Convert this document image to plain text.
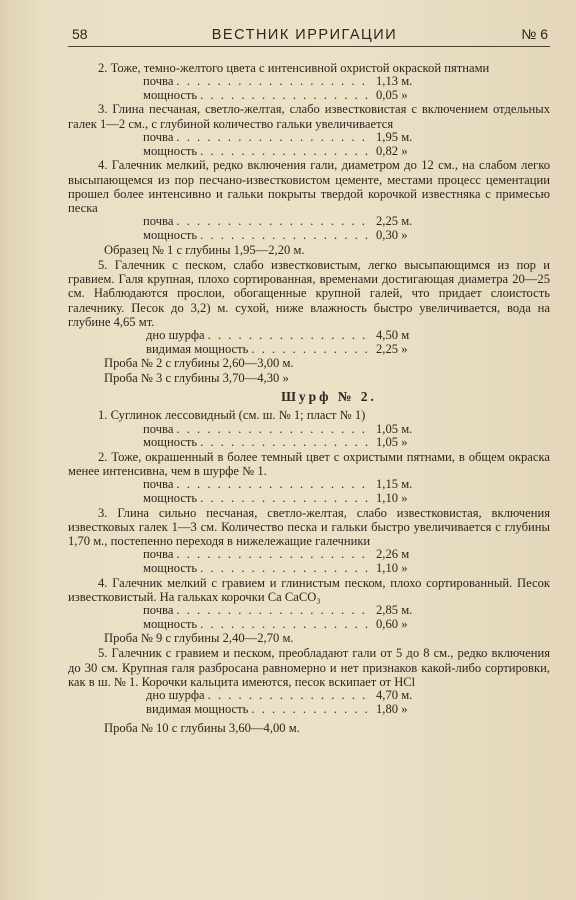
58	ВЕСТНИК ИРРИГАЦИИ	№ 6

2. Тоже, темно-желтого цвета с интенсивной охристой окраской пятнами

почва . . .	1,13 м.
мощность . . .	0,05 »

3. Глина песчаная, светло-желтая, слабо известковистая с включением отдельных галек 1—2 см., с глубиной количество гальки увеличивается

почва . . .	1,95 м.
мощность . . .	0,82 »

4. Галечник мелкий, редко включения гали, диаметром до 12 см., на слабом легко высыпающемся из пор песчано-известковистом цементе, местами процесс цементации прошел более интенсивно и гальки покрыты твердой корочкой известняка с примесью песка

почва . . .	2,25 м.
мощность . . .	0,30 »
Образец № 1 с глубины 1,95—2,20 м.

5. Галечник с песком, слабо известковистым, легко высыпающимся из пор и гравием. Галя крупная, плохо сортированная, временами достигающая диаметра 20—25 см. Наблюдаются прослои, обогащенные крупной галей, что придает слоистость галечнику. Песок до 3,2) м. сухой, ниже влажность быстро увеличивается, вода на глубине 4,65 мт.

дно шурфа . . .	4,50 м
видимая мощность . . .	2,25 »
Проба № 2 с глубины 2,60—3,00 м.
Проба № 3 с глубины 3,70—4,30 »
Шурф № 2.

1. Суглинок лессовидный (см. ш. № 1; пласт № 1)

почва . . .	1,05 м.
мощность . . .	1,05 »

2. Тоже, окрашенный в более темный цвет с охристыми пятнами, в общем окраска менее интенсивна, чем в шурфе № 1.

почва . . .	1,15 м.
мощность . . .	1,10 »

3. Глина сильно песчаная, светло-желтая, слабо известковистая, включения известковых галек 1—3 см. Количество песка и гальки быстро увеличивается с глубины 1,70 м., постепенно переходя в нижележащие галечники

почва . . .	2,26 м
мощность . . .	1,10 »

4. Галечник мелкий с гравием и глинистым песком, плохо сортированный. Песок известковистый. На гальках корочки Ca CaCO₃

почва . . .	2,85 м.
мощность . . .	0,60 »
Проба № 9 с глубины 2,40—2,70 м.

5. Галечник с гравием и песком, преобладают гали от 5 до 8 см., редко включения до 30 см. Крупная галя разбросана равномерно и нет признаков какой-либо сортировки, как в ш. № 1. Корочки кальцита имеются, песок вскипает от HCl

дно шурфа . . .	4,70 м.
видимая мощность . . .	1,80 »
Проба № 10 с глубины 3,60—4,00 м.
